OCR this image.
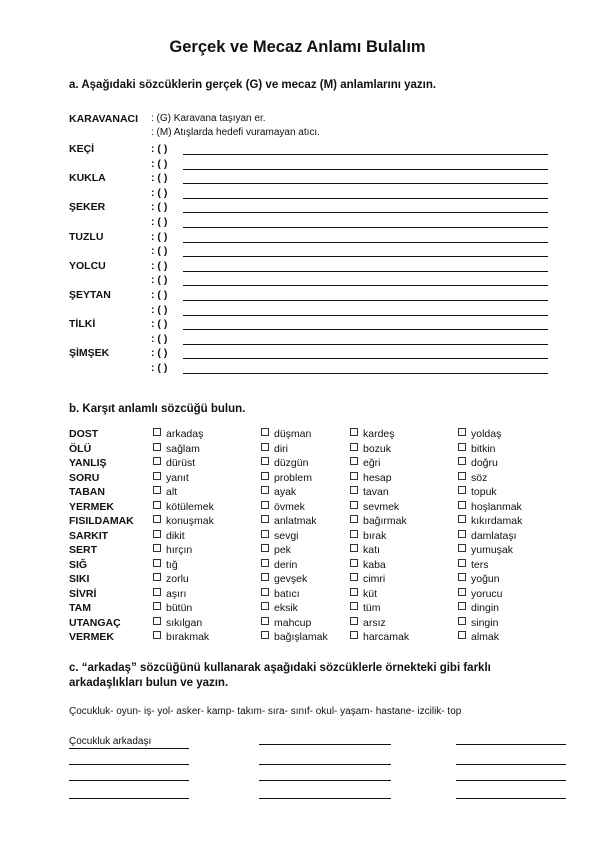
Gerçek ve Mecaz Anlamı Bulalım
a. Aşağıdaki sözcüklerin gerçek (G) ve mecaz (M) anlamlarını yazın.
KARAVANACI : (G) Karavana taşıyan er.
: (M) Atışlarda hedefi vuramayan atıcı.
KEÇİ	: ( )
: ( )
KUKLA	: ( )
: ( )
ŞEKER	: ( )
: ( )
TUZLU	: ( )
: ( )
YOLCU	: ( )
: ( )
ŞEYTAN	: ( )
: ( )
TİLKİ	: ( )
: ( )
ŞİMŞEK	: ( )
: ( )
b. Karşıt anlamlı sözcüğü bulun.
DOST	arkadaş	düşman	kardeş	yoldaş
ÖLÜ	sağlam	diri	bozuk	bitkin
YANLIŞ	dürüst	düzgün	eğri	doğru
SORU	yanıt	problem	hesap	söz
TABAN	alt	ayak	tavan	topuk
YERMEK	kötülemek	övmek	sevmek	hoşlanmak
FISILDAMAK	konuşmak	anlatmak	bağırmak	kıkırdamak
SARKIT	dikit	sevgi	bırak	damlataşı
SERT	hırçın	pek	katı	yumuşak
SIĞ	tığ	derin	kaba	ters
SIKI	zorlu	gevşek	cimri	yoğun
SİVRİ	aşırı	batıcı	küt	yorucu
TAM	bütün	eksik	tüm	dingin
UTANGAÇ	sıkılgan	mahcup	arsız	singin
VERMEK	bırakmak	bağışlamak	harcamak	almak
c. “arkadaş” sözcüğünü kullanarak aşağıdaki sözcüklerle örnekteki gibi farklı
arkadaşlıkları bulun ve yazın.
Çocukluk- oyun- iş- yol- asker- kamp- takım- sıra- sınıf- okul- yaşam- hastane- izcilik- top
Çocukluk arkadaşı
